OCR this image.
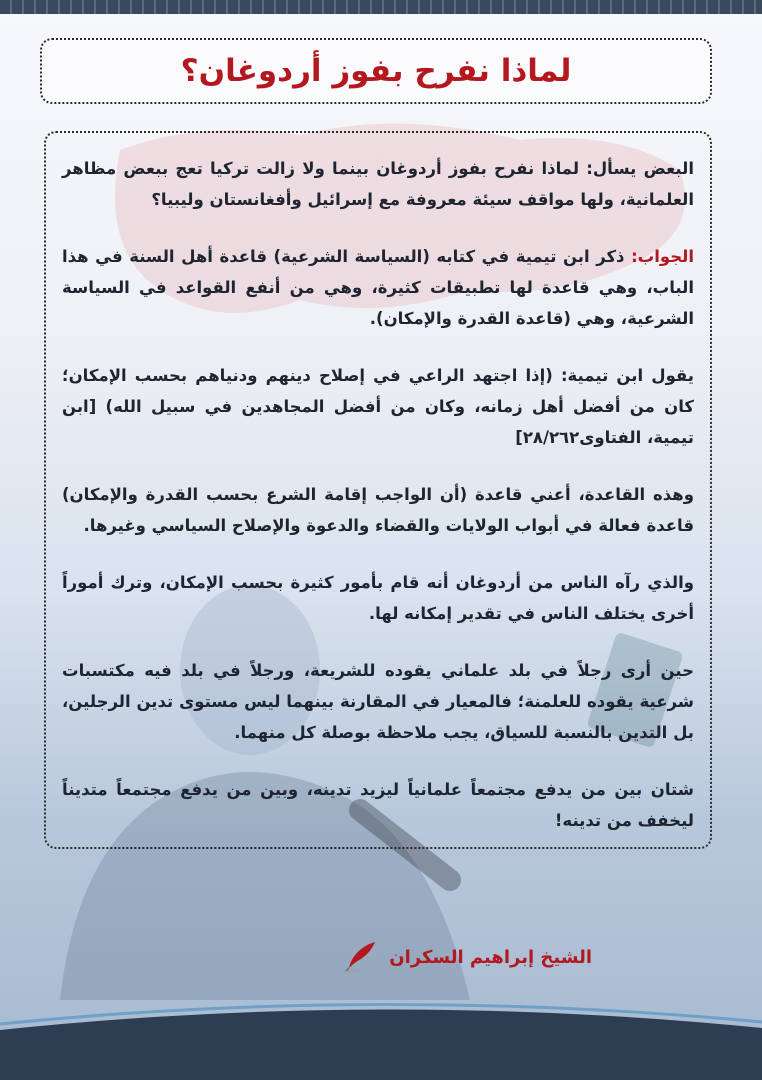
لماذا نفرح بفوز أردوغان؟

البعض يسأل: لماذا نفرح بفوز أردوغان بينما ولا زالت تركيا تعج ببعض مظاهر العلمانية، ولها مواقف سيئة معروفة مع إسرائيل وأفغانستان وليبيا؟

الجواب: ذكر ابن تيمية في كتابه (السياسة الشرعية) قاعدة أهل السنة في هذا الباب، وهي قاعدة لها تطبيقات كثيرة، وهي من أنفع القواعد في السياسة الشرعية، وهي (قاعدة القدرة والإمكان).

يقول ابن تيمية: (إذا اجتهد الراعي في إصلاح دينهم ودنياهم بحسب الإمكان؛ كان من أفضل أهل زمانه، وكان من أفضل المجاهدين في سبيل الله) [ابن تيمية، الفتاوى٢٨/٢٦٢]

وهذه القاعدة، أعني قاعدة (أن الواجب إقامة الشرع بحسب القدرة والإمكان) قاعدة فعالة في أبواب الولايات والقضاء والدعوة والإصلاح السياسي وغيرها.

والذي رآه الناس من أردوغان أنه قام بأمور كثيرة بحسب الإمكان، وترك أموراً أخرى يختلف الناس في تقدير إمكانه لها.

حين أرى رجلاً في بلد علماني يقوده للشريعة، ورجلاً في بلد فيه مكتسبات شرعية يقوده للعلمنة؛ فالمعيار في المقارنة بينهما ليس مستوى تدين الرجلين، بل التدين بالنسبة للسياق، يجب ملاحظة بوصلة كل منهما.

شتان بين من يدفع مجتمعاً علمانياً ليزيد تدينه، وبين من يدفع مجتمعاً متديناً ليخفف من تدينه!

الشيخ إبراهيم السكران
